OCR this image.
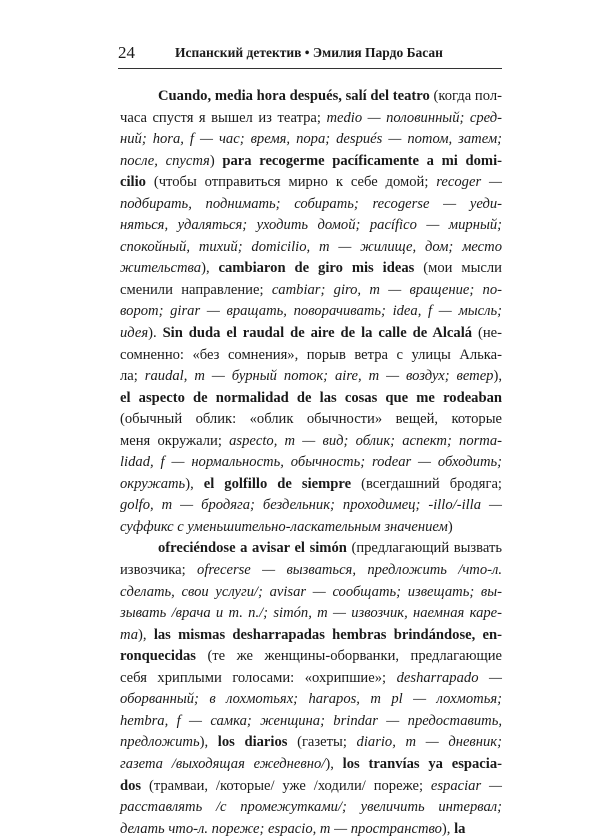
24	Испанский детектив • Эмилия Пардо Басан
Cuando, media hora después, salí del teatro (когда пол-
часа спустя я вышел из театра; medio — половинный; сред-
ний; hora, f — час; время, пора; después — потом, затем;
после, спустя) para recogerme pacíficamente a mi domi-
cilio (чтобы отправиться мирно к себе домой; recoger —
подбирать, поднимать; собирать; recogerse — уеди-
няться, удаляться; уходить домой; pacífico — мирный;
спокойный, тихий; domicilio, m — жилище, дом; место
жительства), cambiaron de giro mis ideas (мои мысли
сменили направление; cambiar; giro, m — вращение; по-
ворот; girar — вращать, поворачивать; idea, f — мысль;
идея). Sin duda el raudal de aire de la calle de Alcalá (не-
сомненно: «без сомнения», порыв ветра с улицы Алька-
ла; raudal, m — бурный поток; aire, m — воздух; ветер),
el aspecto de normalidad de las cosas que me rodeaban
(обычный облик: «облик обычности» вещей, которые
меня окружали; aspecto, m — вид; облик; аспект; norma-
lidad, f — нормальность, обычность; rodear — обходить;
окружать), el golfillo de siempre (всегдашний бродяга;
golfo, m — бродяга; бездельник; проходимец; -illo/-illa —
суффикс с уменьшительно-ласкательным значением)
ofreciéndose a avisar el simón (предлагающий вызвать
извозчика; ofrecerse — вызваться, предложить /что-л.
сделать, свои услуги/; avisar — сообщать; извещать; вы-
зывать /врача и т. п./; simón, m — извозчик, наемная каре-
та), las mismas desharrapadas hembras brindándose, en-
ronquecidas (те же женщины-оборванки, предлагающие
себя хриплыми голосами: «охрипшие»; desharrapado —
оборванный; в лохмотьях; harapos, m pl — лохмотья;
hembra, f — самка; женщина; brindar — предоставить,
предложить), los diarios (газеты; diario, m — дневник;
газета /выходящая ежедневно/), los tranvías ya espacia-
dos (трамваи, /которые/ уже /ходили/ пореже; espaciar —
расставлять /с промежутками/; увеличить интервал;
делать что-л. пореже; espacio, m — пространство), la
